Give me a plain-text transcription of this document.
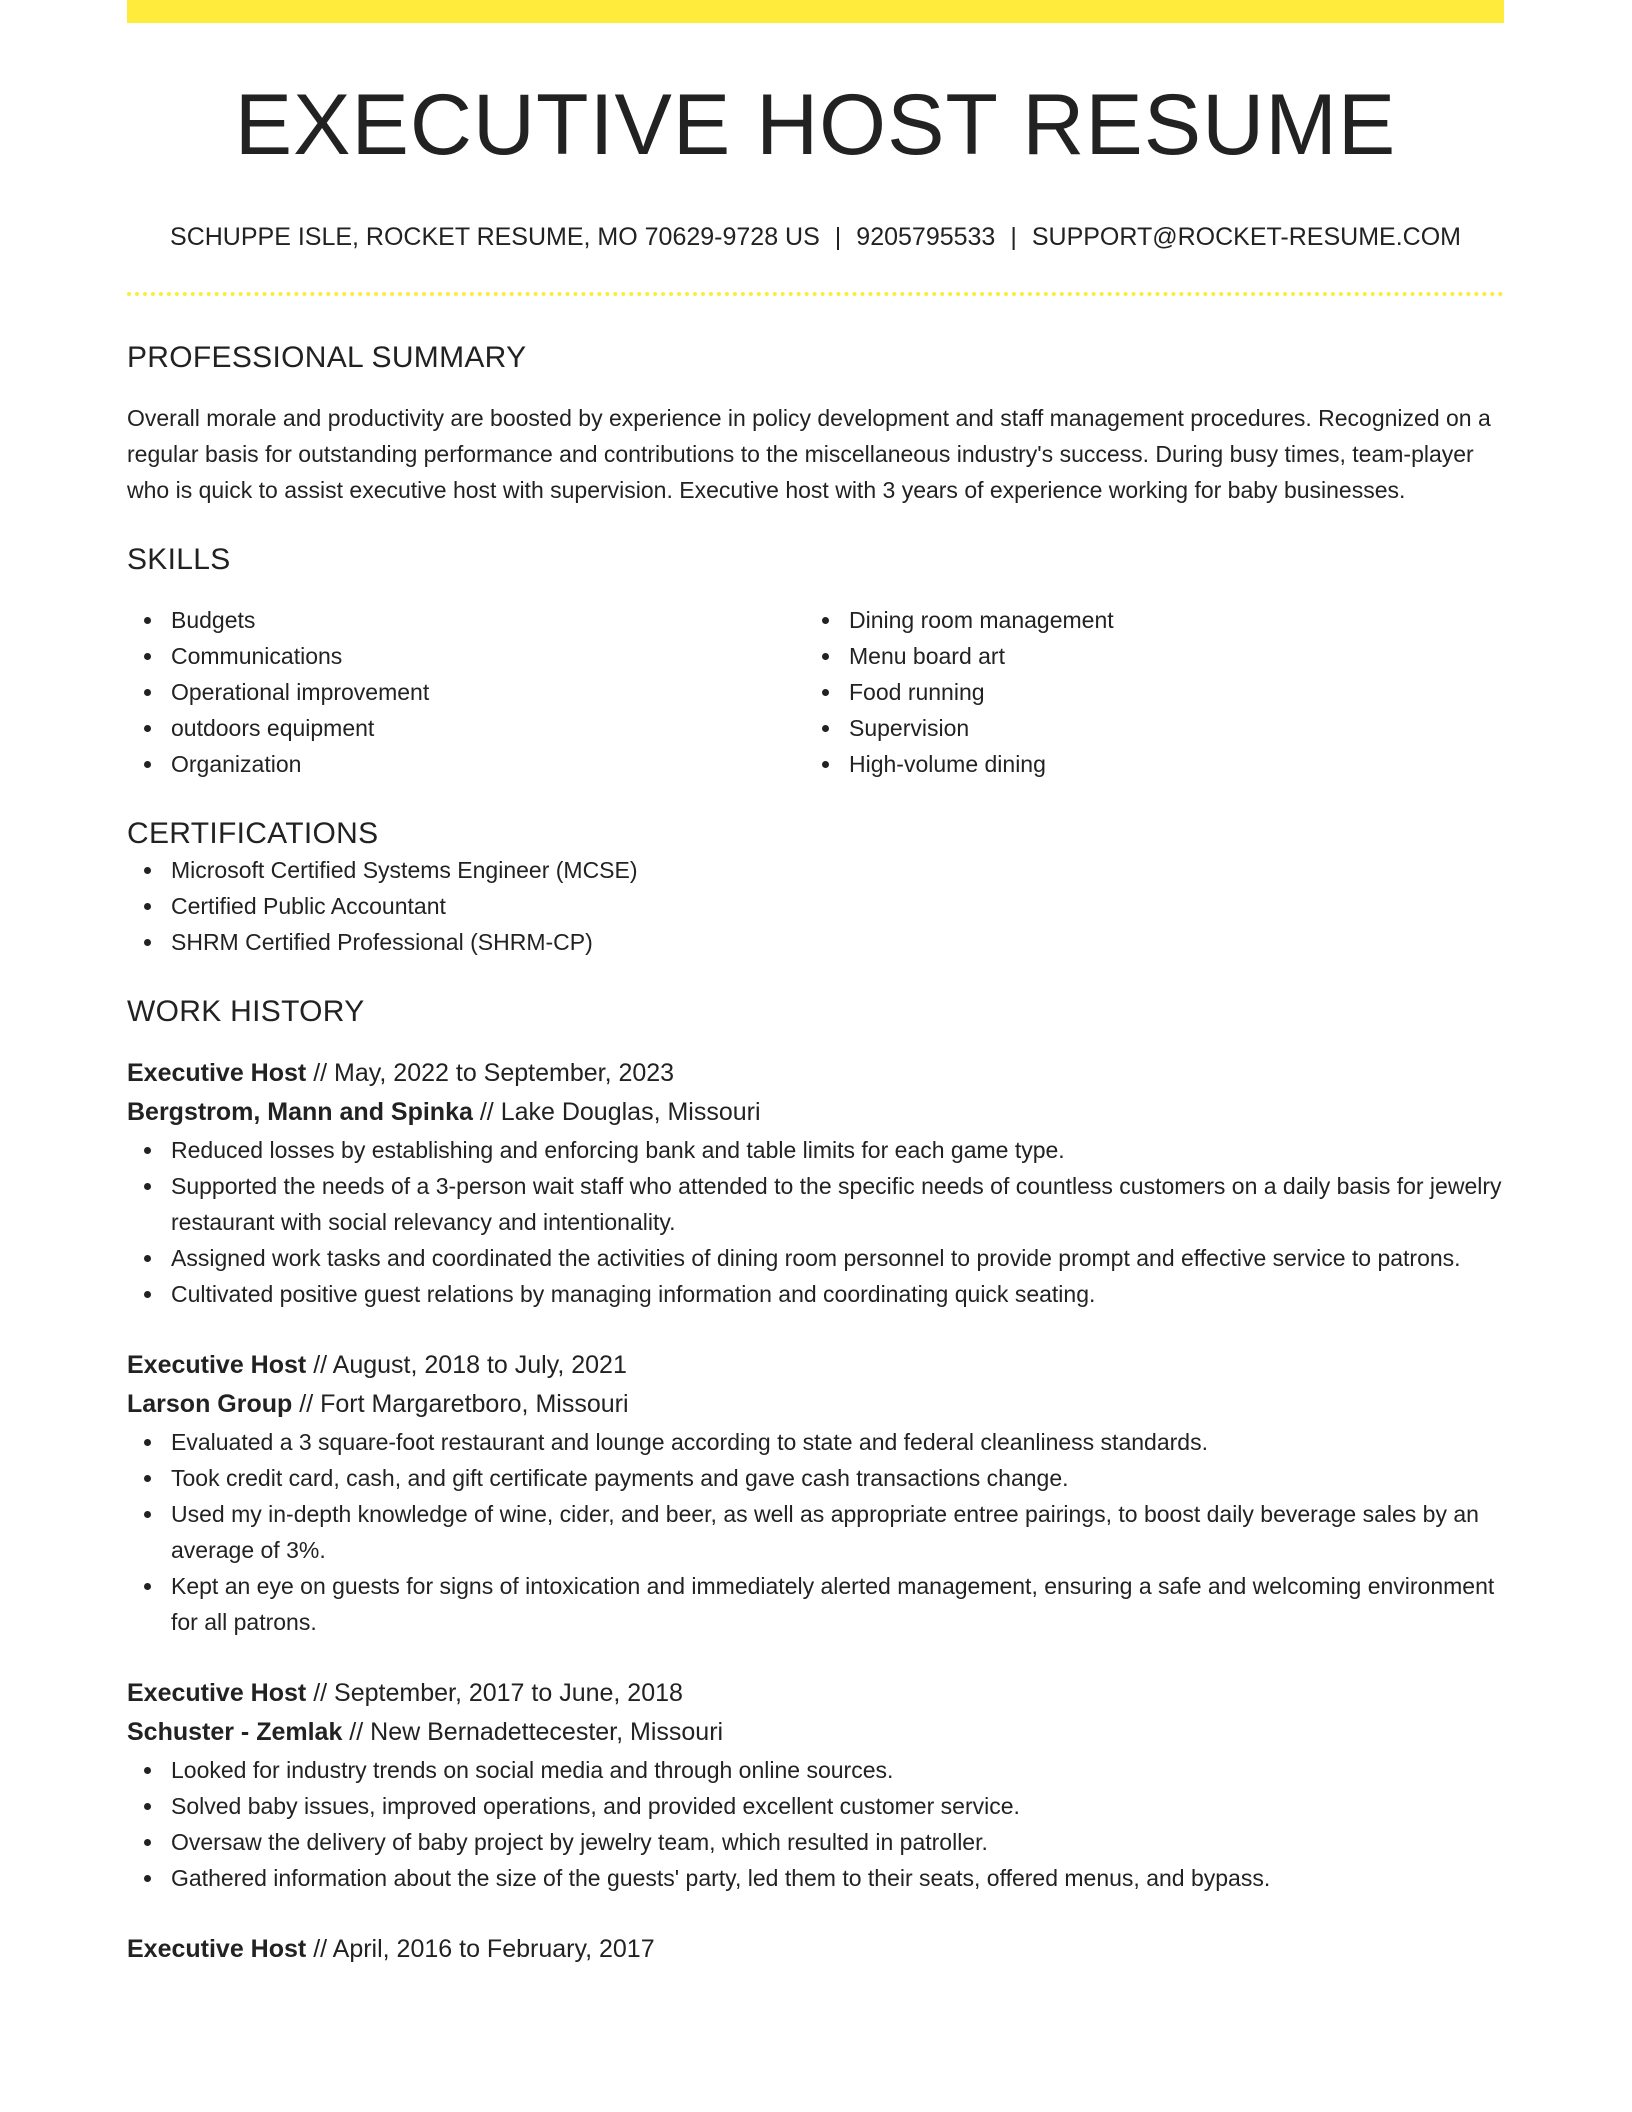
EXECUTIVE HOST RESUME
SCHUPPE ISLE, ROCKET RESUME, MO 70629-9728 US | 9205795533 | SUPPORT@ROCKET-RESUME.COM
PROFESSIONAL SUMMARY

Overall morale and productivity are boosted by experience in policy development and staff management procedures. Recognized on a regular basis for outstanding performance and contributions to the miscellaneous industry's success. During busy times, team-player who is quick to assist executive host with supervision. Executive host with 3 years of experience working for baby businesses.

SKILLS
Budgets
Communications
Operational improvement
outdoors equipment
Organization
Dining room management
Menu board art
Food running
Supervision
High-volume dining
CERTIFICATIONS
Microsoft Certified Systems Engineer (MCSE)
Certified Public Accountant
SHRM Certified Professional (SHRM-CP)
WORK HISTORY
Executive Host // May, 2022 to September, 2023
Bergstrom, Mann and Spinka // Lake Douglas, Missouri
Reduced losses by establishing and enforcing bank and table limits for each game type.
Supported the needs of a 3-person wait staff who attended to the specific needs of countless customers on a daily basis for jewelry restaurant with social relevancy and intentionality.
Assigned work tasks and coordinated the activities of dining room personnel to provide prompt and effective service to patrons.
Cultivated positive guest relations by managing information and coordinating quick seating.
Executive Host // August, 2018 to July, 2021
Larson Group // Fort Margaretboro, Missouri
Evaluated a 3 square-foot restaurant and lounge according to state and federal cleanliness standards.
Took credit card, cash, and gift certificate payments and gave cash transactions change.
Used my in-depth knowledge of wine, cider, and beer, as well as appropriate entree pairings, to boost daily beverage sales by an average of 3%.
Kept an eye on guests for signs of intoxication and immediately alerted management, ensuring a safe and welcoming environment for all patrons.
Executive Host // September, 2017 to June, 2018
Schuster - Zemlak // New Bernadettecester, Missouri
Looked for industry trends on social media and through online sources.
Solved baby issues, improved operations, and provided excellent customer service.
Oversaw the delivery of baby project by jewelry team, which resulted in patroller.
Gathered information about the size of the guests' party, led them to their seats, offered menus, and bypass.
Executive Host // April, 2016 to February, 2017
